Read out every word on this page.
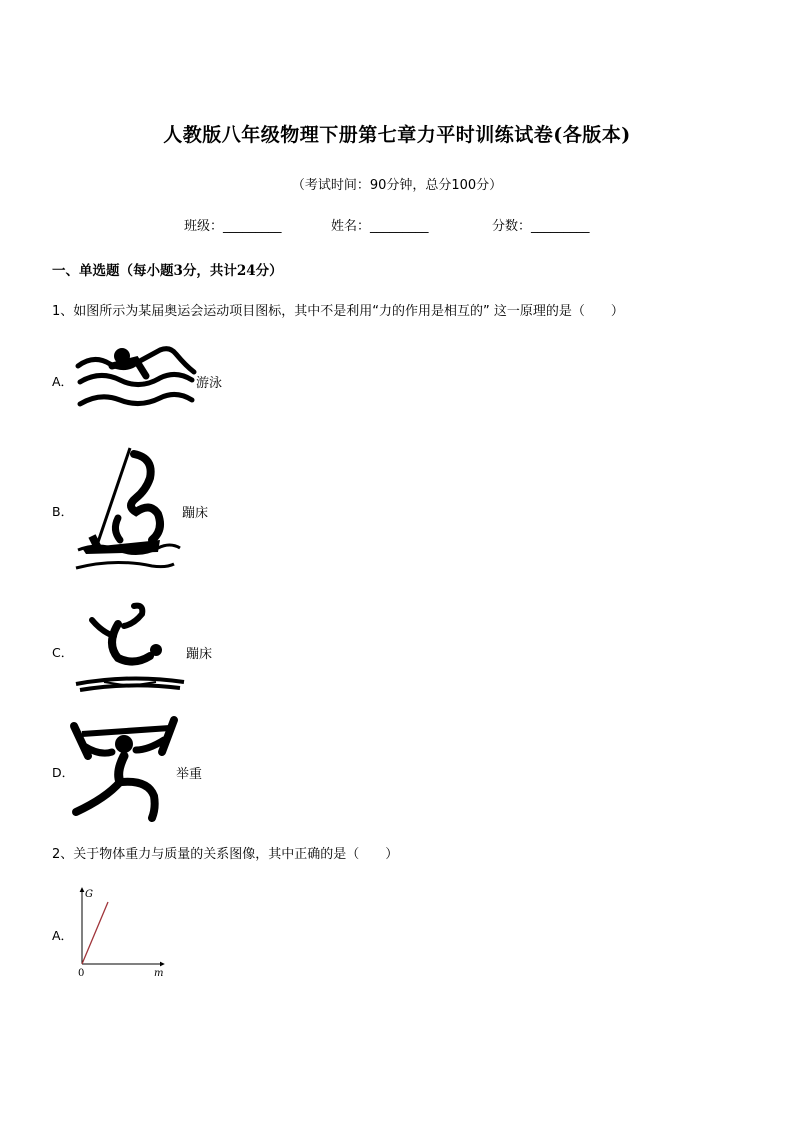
人教版八年级物理下册第七章力平时训练试卷(各版本)
（考试时间：90分钟，总分100分）
班级：_________	姓名：_________	分数：_________
一、单选题（每小题3分，共计24分）
1、如图所示为某届奥运会运动项目图标，其中不是利用“力的作用是相互的” 这一原理的是（　　）
A．	游泳
B．	蹦床
C．	蹦床
D．	举重
2、关于物体重力与质量的关系图像，其中正确的是（　　）
A．
G
m
0
